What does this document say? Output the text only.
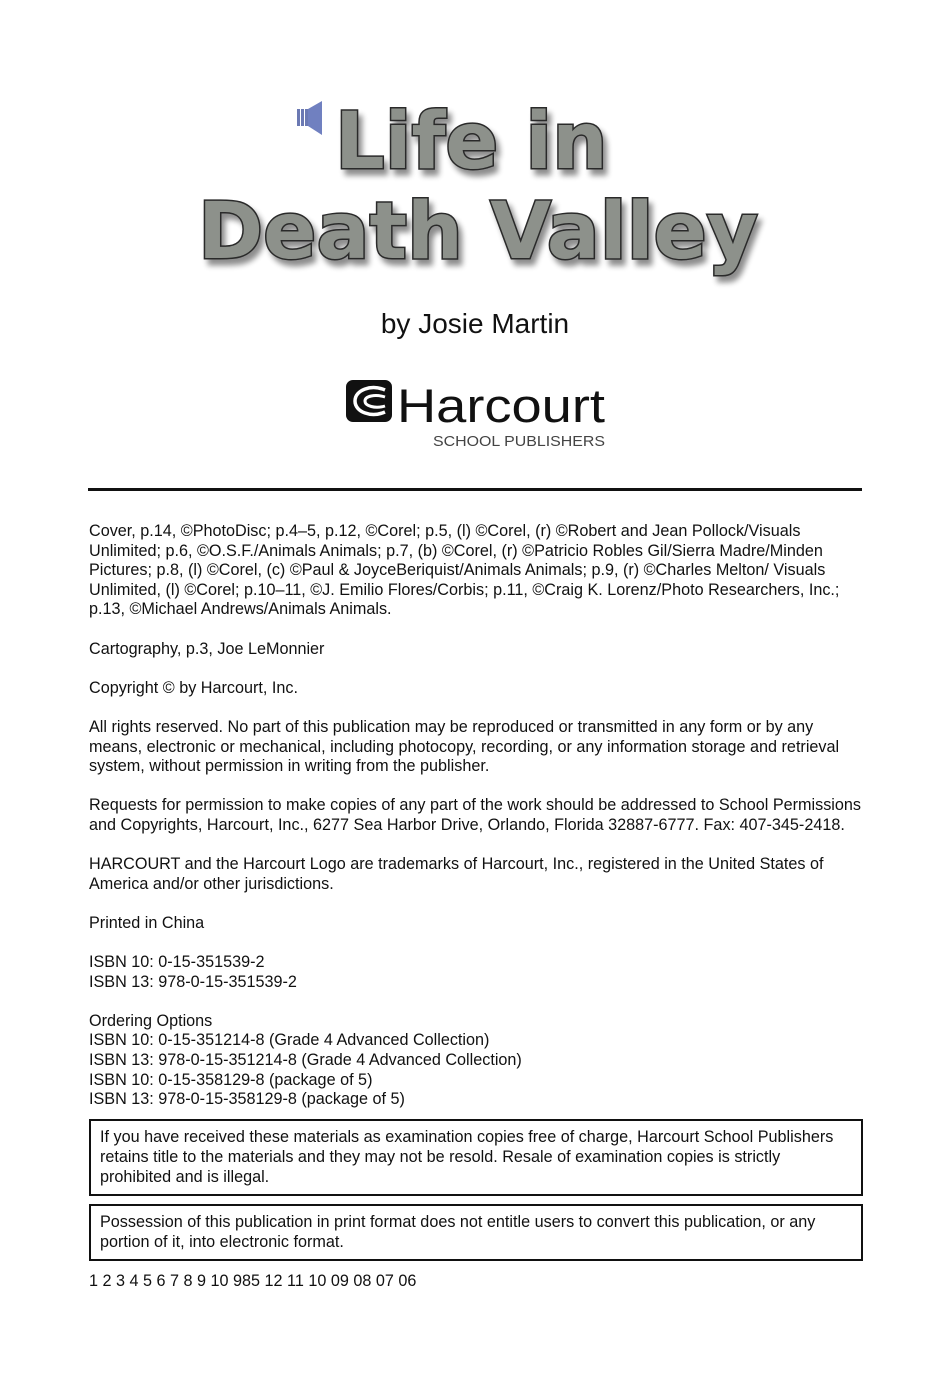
Life in
Death Valley
by Josie Martin
Harcourt
SCHOOL PUBLISHERS

Cover, p.14, ©PhotoDisc; p.4–5, p.12, ©Corel; p.5, (l) ©Corel, (r) ©Robert and Jean Pollock/Visuals Unlimited; p.6, ©O.S.F./Animals Animals; p.7, (b) ©Corel, (r) ©Patricio Robles Gil/Sierra Madre/Minden Pictures; p.8, (l) ©Corel, (c) ©Paul & JoyceBeriquist/Animals Animals; p.9, (r) ©Charles Melton/ Visuals Unlimited, (l) ©Corel; p.10–11, ©J. Emilio Flores/Corbis; p.11, ©Craig K. Lorenz/Photo Researchers, Inc.; p.13, ©Michael Andrews/Animals Animals.

Cartography, p.3, Joe LeMonnier

Copyright © by Harcourt, Inc.

All rights reserved. No part of this publication may be reproduced or transmitted in any form or by any means, electronic or mechanical, including photocopy, recording, or any information storage and retrieval system, without permission in writing from the publisher.

Requests for permission to make copies of any part of the work should be addressed to School Permissions and Copyrights, Harcourt, Inc., 6277 Sea Harbor Drive, Orlando, Florida 32887-6777. Fax: 407-345-2418.

HARCOURT and the Harcourt Logo are trademarks of Harcourt, Inc., registered in the United States of America and/or other jurisdictions.

Printed in China

ISBN 10: 0-15-351539-2
ISBN 13: 978-0-15-351539-2

Ordering Options
ISBN 10: 0-15-351214-8 (Grade 4 Advanced Collection)
ISBN 13: 978-0-15-351214-8 (Grade 4 Advanced Collection)
ISBN 10: 0-15-358129-8 (package of 5)
ISBN 13: 978-0-15-358129-8 (package of 5)

If you have received these materials as examination copies free of charge, Harcourt School Publishers retains title to the materials and they may not be resold. Resale of examination copies is strictly prohibited and is illegal.
Possession of this publication in print format does not entitle users to convert this publication, or any portion of it, into electronic format.
1 2 3 4 5 6 7 8 9 10 985 12 11 10 09 08 07 06
